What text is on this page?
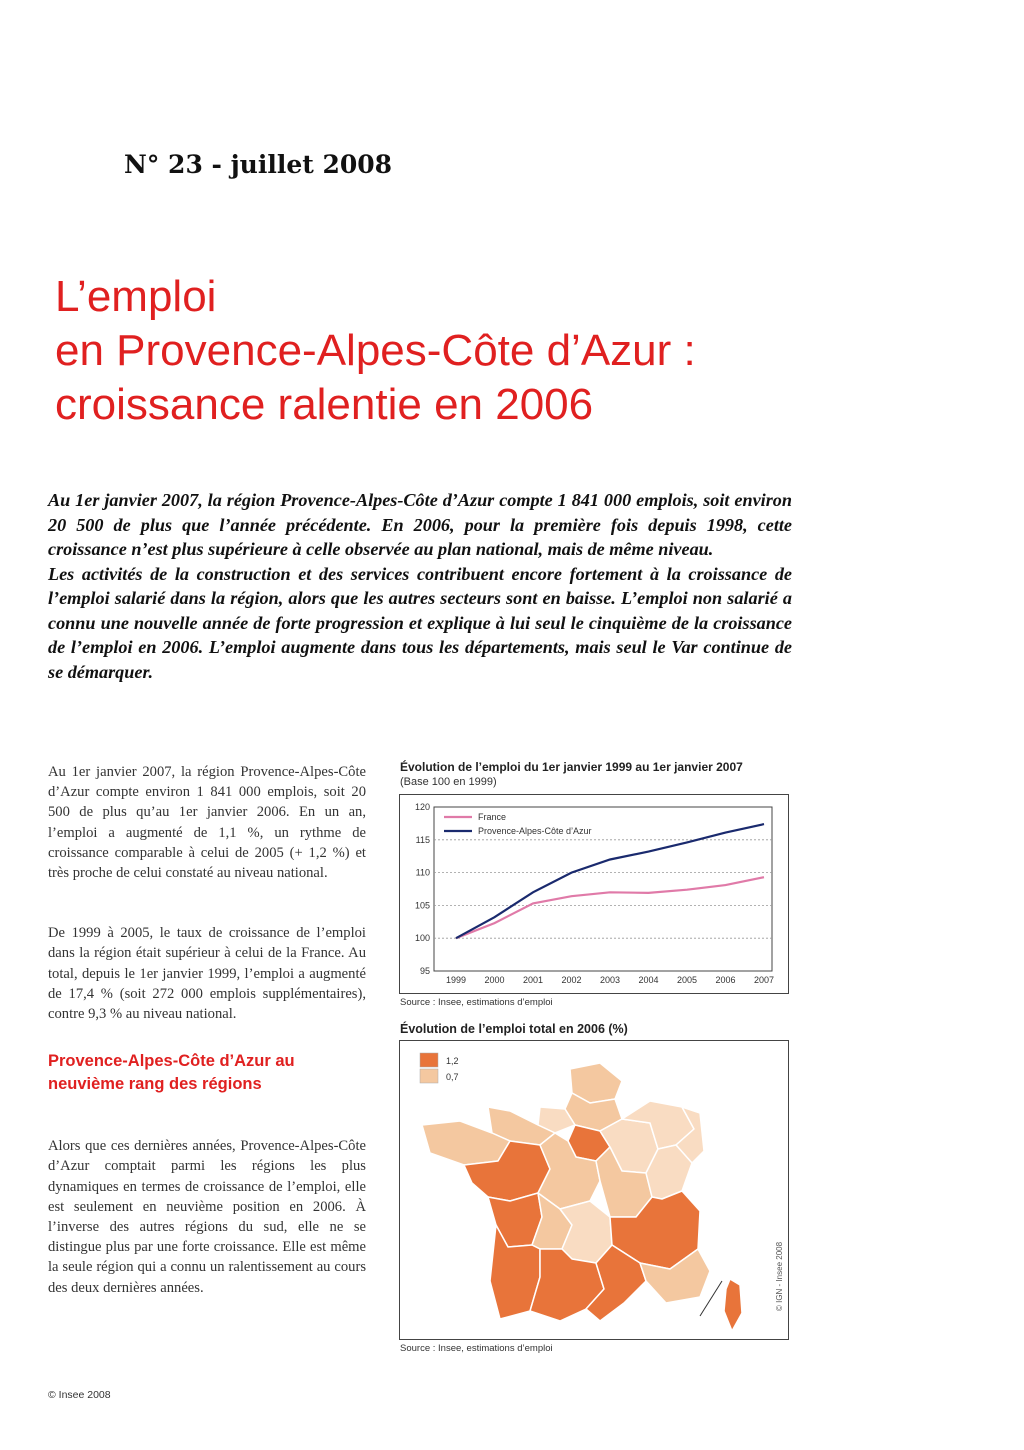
N° 23 - juillet 2008
L’emploi
en Provence-Alpes-Côte d’Azur :
croissance ralentie en 2006

Au 1er janvier 2007, la région Provence-Alpes-Côte d’Azur compte 1 841 000 emplois, soit environ 20 500 de plus que l’année précédente. En 2006, pour la première fois depuis 1998, cette croissance n’est plus supérieure à celle observée au plan national, mais de même niveau.

Les activités de la construction et des services contribuent encore fortement à la croissance de l’emploi salarié dans la région, alors que les autres secteurs sont en baisse. L’emploi non salarié a connu une nouvelle année de forte progression et explique à lui seul le cinquième de la croissance de l’emploi en 2006. L’emploi augmente dans tous les départements, mais seul le Var continue de se démarquer.

Au 1er janvier 2007, la région Provence-Alpes-Côte d’Azur compte environ 1 841 000 emplois, soit 20 500 de plus qu’au 1er janvier 2006. En un an, l’emploi a augmenté de 1,1 %, un rythme de croissance comparable à celui de 2005 (+ 1,2 %) et très proche de celui constaté au niveau national.

De 1999 à 2005, le taux de croissance de l’emploi dans la région était supérieur à celui de la France. Au total, depuis le 1er janvier 1999, l’emploi a augmenté de 17,4 % (soit 272 000 emplois supplémentaires), contre 9,3 % au niveau national.

Provence-Alpes-Côte d’Azur au neuvième rang des régions

Alors que ces dernières années, Provence-Alpes-Côte d’Azur comptait parmi les régions les plus dynamiques en termes de croissance de l’emploi, elle est seulement en neuvième position en 2006. À l’inverse des autres régions du sud, elle ne se distingue plus par une forte croissance. Elle est même la seule région qui a connu un ralentissement au cours des deux dernières années.

Évolution de l’emploi du 1er janvier 1999 au 1er janvier 2007
(Base 100 en 1999)
95
100
105
110
115
120
1999 2000 2001 2002 2003 2004 2005 2006 2007
France
Provence-Alpes-Côte d’Azur
Source : Insee, estimations d’emploi
Évolution de l’emploi total en 2006 (%)
1,2
0,7
© IGN - Insee 2008
Source : Insee, estimations d’emploi
© Insee 2008
